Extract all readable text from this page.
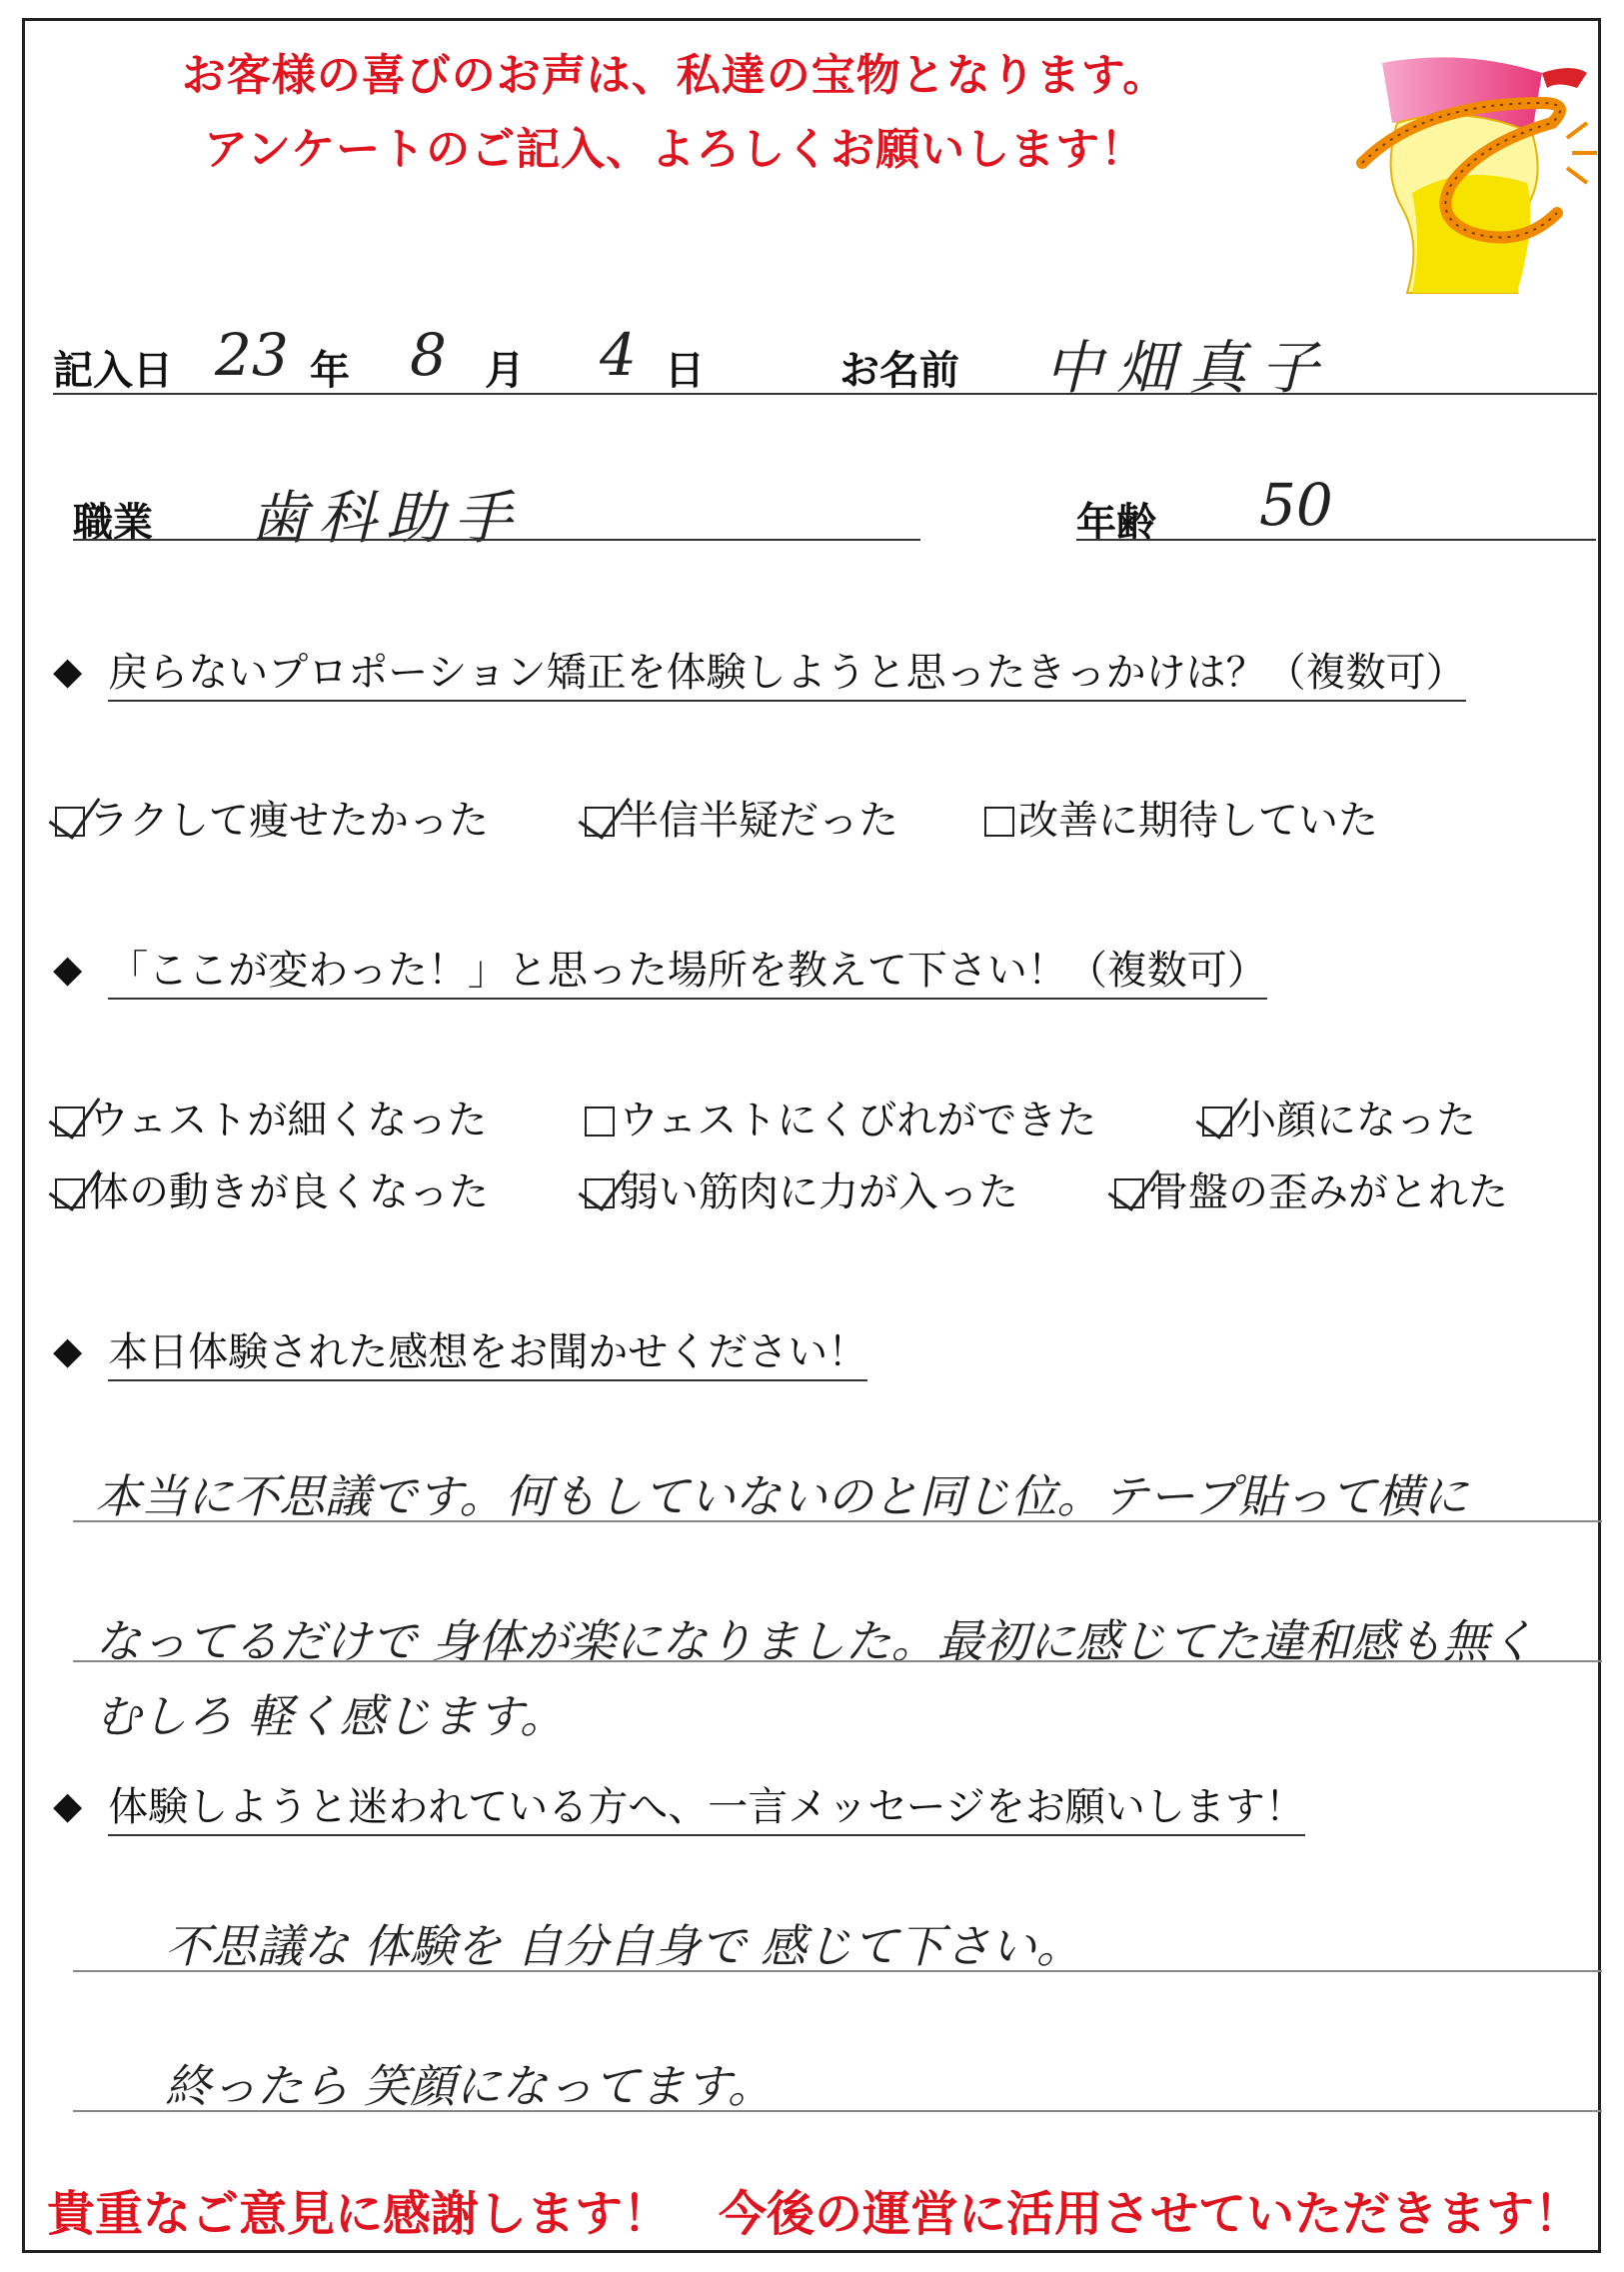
お客様の喜びのお声は、私達の宝物となります。
アンケートのご記入、よろしくお願いします！
記入日 23 年 8 月 4 日	お名前 中畑真子
職業 歯科助手	年齢 50
◆ 戻らないプロポーション矯正を体験しようと思ったきっかけは？（複数可）
ラクして痩せたかった	半信半疑だった	改善に期待していた
◆ 「ここが変わった！」と思った場所を教えて下さい！（複数可）
ウェストが細くなった	ウェストにくびれができた	小顔になった
体の動きが良くなった	弱い筋肉に力が入った	骨盤の歪みがとれた
◆ 本日体験された感想をお聞かせください！
本当に不思議です。何もしていないのと同じ位。テープ貼って横に
なってるだけで 身体が楽になりました。最初に感じてた違和感も無く
むしろ 軽く感じます。
◆ 体験しようと迷われている方へ、一言メッセージをお願いします！
不思議な 体験を 自分自身で 感じて下さい。
終ったら 笑顔になってます。
貴重なご意見に感謝します！　今後の運営に活用させていただきます！
